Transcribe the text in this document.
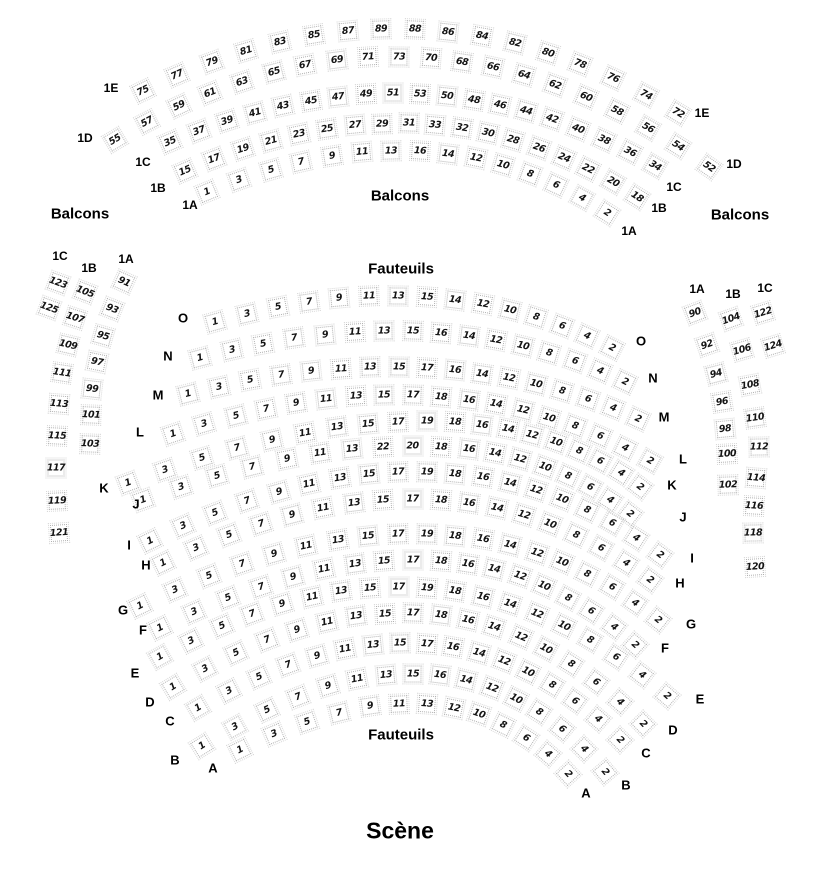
75
77
79
81
83 85 87 89 88 86 84
82
80
78
76
74
72
55
57
59
61
63
65
67 69 71 73 70 68 66
64
62
60
58
56
54
52
35
37
39
41 43 45 47 49 51 53 50 48 46 44
42
40
38
36
34
15
17
19
21 23 25 27 29 31 33 32 30 28
26
24
22
20
18
1
3
5
7 9 11 13 16 14 12 10
8
6
4
2
1
3
5 7 9 11 13 15 14 12 10
8
6
4
2
1
3
5 7 9 11 13 15 16 14 12 10
8
6
4
2
1
3
5 7 9 11 13 15 17 16 14 12 10
8
6
4
2
1
3
5
7 9 11 13 15 17 18 16 14 12
10
8
6
4
2
1
3
5
7
9
11 13 15 17 19 18 16 14 12
10
8
6
4
2
1
3
5
7
9 11 13 22 20 18 16 14 12
10
8
6
4
2
1
3
5
7
9
11 13 15 17 19 18 16 14
12
10
8
6
4
2
1
3
5
7
9
11 13 15 17 18 16 14 12
10
8
6
4
2
1
3
5
7
9
11 13 15 17 19 18 16 14
12
10
8
6
4
2
1
3
5
7
9
11 13 15 17 18 16 14
12
10
8
6
4
2
1
3
5
7
9
11 13 15 17 19 18 16
14
12
10
8
6
4
2
1
3
5
7
9
11 13 15 17 18 16
14
12
10
8
6
4
2
1
3
5
7
9
11 13 15 17 16 14
12
10
8
6
4
2
1
3
5
7
9
11 13 15 16 14
12
10
8
6
4
2
1
3
5
7 9 11 13 12 10
8
6
4
2
123
125
105
107
109
111
113
115
117
119
121
91
93
95
97
99
101
103
90
92
94
96
98
100
102
104
106
108
110
112
114
116
118
120
122
124
Balcons
Balcons
Balcons
Fauteuils
Fauteuils
1E
1D
1C
1B
1A
1E
1D
1C
1B
1A
O
O
N
N
M
M
L
L
K	K
J
J
I
I
H
H
G
G
F
F
E
E
D
D
C
C
B
B
A
A
1C
1B
1A
1A 1B 1C
Scène
